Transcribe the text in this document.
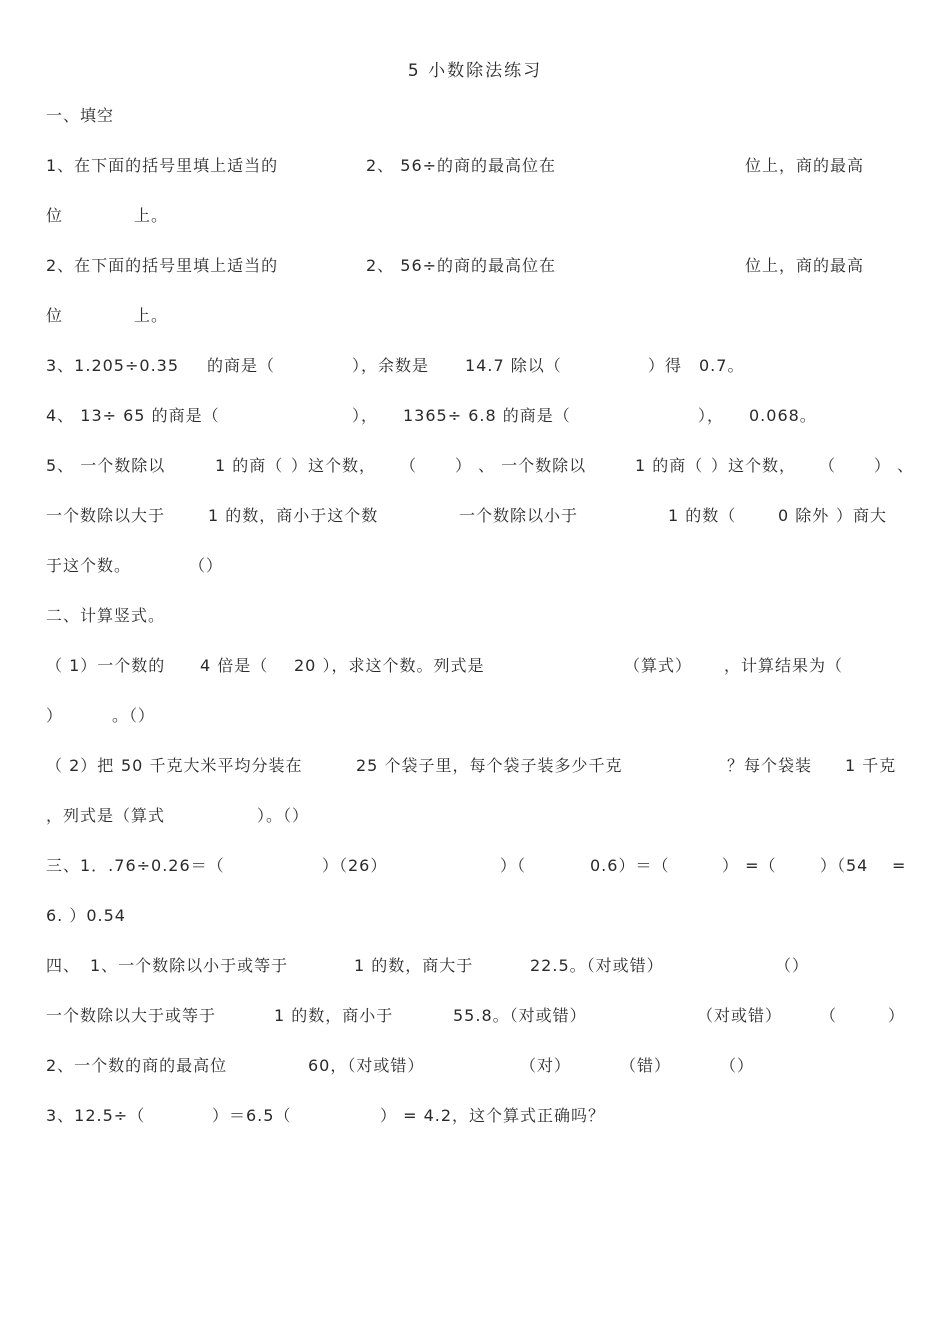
5 小数除法练习
一、填空
1、在下面的括号里填上适当的	2、 56÷的商的最高位在	位上，商的最高
位	上。
2、在下面的括号里填上适当的	2、 56÷的商的最高位在	位上，商的最高
位	上。
3、1.205÷0.35 的商是（	），余数是 14.7 除以（	）得 0.7。
4、 13÷ 65 的商是（	）， 1365÷ 6.8 的商是（	）， 0.068。
5、 一个数除以	1 的商（ ）这个数， （ ） 、 一个数除以	1 的商（ ）这个数， （ ） 、
一个数除以大于	1 的数，商小于这个数	一个数除以小于	1 的数（	0 除外 ）商大
于这个数。	（）
二、计算竖式。
（ 1）一个数的 4 倍是（ 20 ），求这个数。列式是	（算式） ，计算结果为（
）	。（）
（ 2）把 50 千克大米平均分装在	25 个袋子里，每个袋子装多少千克	？每个袋装 1 千克
，列式是（算式	）。（）
三、1．.76÷0.26＝（	）（26）	）（	0.6）＝（	） =（	）（54 =
6. ）0.54
四、 1、一个数除以小于或等于	1 的数，商大于	22.5。（对或错）	（）
一个数除以大于或等于	1 的数，商小于	55.8。（对或错）	（对或错） （	）
2、一个数的商的最高位	60，（对或错）	（对）	（错）	（）
3、12.5÷（	）＝6.5（	） = 4.2，这个算式正确吗？
